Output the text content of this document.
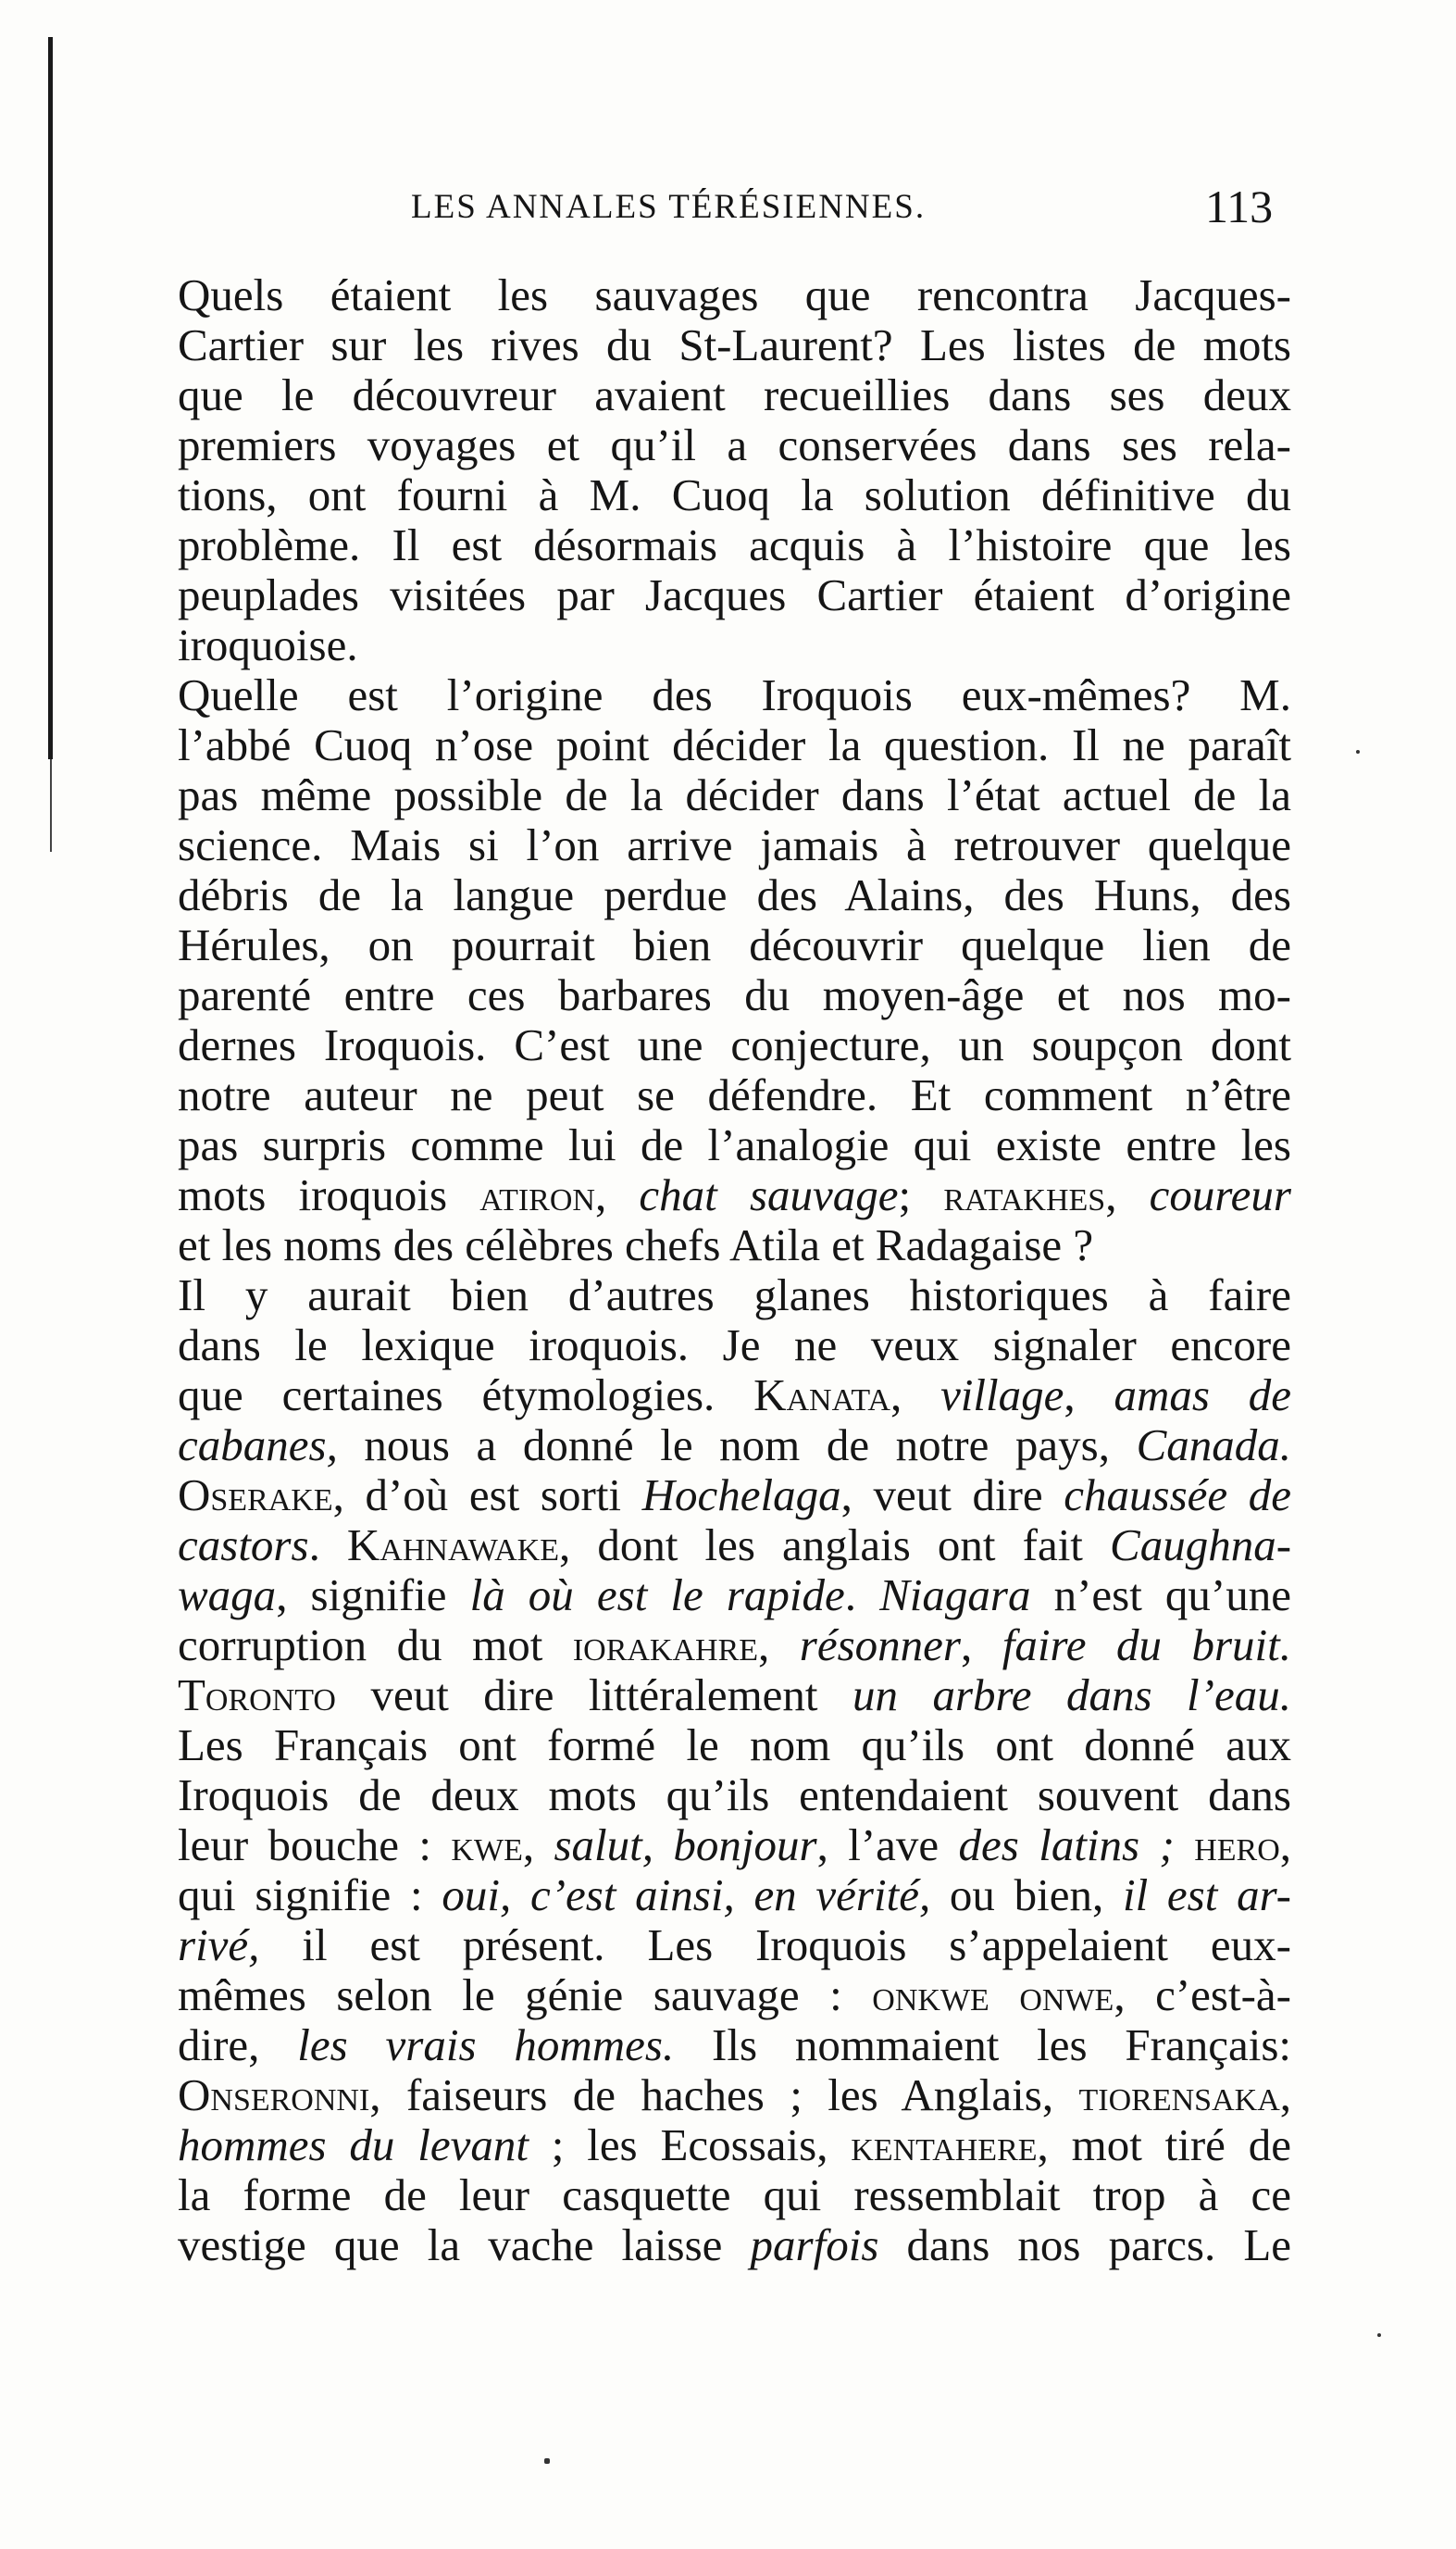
LES ANNALES TÉRÉSIENNES.	113

Quels étaient les sauvages que rencontra Jacques-
Cartier sur les rives du St-Laurent? Les listes de mots
que le découvreur avaient recueillies dans ses deux
premiers voyages et qu’il a conservées dans ses rela-
tions, ont fourni à M. Cuoq la solution définitive du
problème. Il est désormais acquis à l’histoire que les
peuplades visitées par Jacques Cartier étaient d’origine
iroquoise.

Quelle est l’origine des Iroquois eux-mêmes? M.
l’abbé Cuoq n’ose point décider la question. Il ne paraît
pas même possible de la décider dans l’état actuel de la
science. Mais si l’on arrive jamais à retrouver quelque
débris de la langue perdue des Alains, des Huns, des
Hérules, on pourrait bien découvrir quelque lien de
parenté entre ces barbares du moyen-âge et nos mo-
dernes Iroquois. C’est une conjecture, un soupçon dont
notre auteur ne peut se défendre. Et comment n’être
pas surpris comme lui de l’analogie qui existe entre les
mots iroquois atiron, chat sauvage; ratakhes, coureur
et les noms des célèbres chefs Atila et Radagaise ?

Il y aurait bien d’autres glanes historiques à faire
dans le lexique iroquois. Je ne veux signaler encore
que certaines étymologies. Kanata, village, amas de
cabanes, nous a donné le nom de notre pays, Canada.
Oserake, d’où est sorti Hochelaga, veut dire chaussée de
castors. Kahnawake, dont les anglais ont fait Caughna-
waga, signifie là où est le rapide. Niagara n’est qu’une
corruption du mot iorakahre, résonner, faire du bruit.
Toronto veut dire littéralement un arbre dans l’eau.
Les Français ont formé le nom qu’ils ont donné aux
Iroquois de deux mots qu’ils entendaient souvent dans
leur bouche : kwe, salut, bonjour, l’ave des latins ; hero,
qui signifie : oui, c’est ainsi, en vérité, ou bien, il est ar-
rivé, il est présent. Les Iroquois s’appelaient eux-
mêmes selon le génie sauvage : onkwe onwe, c’est-à-
dire, les vrais hommes. Ils nommaient les Français:
Onseronni, faiseurs de haches ; les Anglais, tiorensaka,
hommes du levant ; les Ecossais, kentahere, mot tiré de
la forme de leur casquette qui ressemblait trop à ce
vestige que la vache laisse parfois dans nos parcs. Le
